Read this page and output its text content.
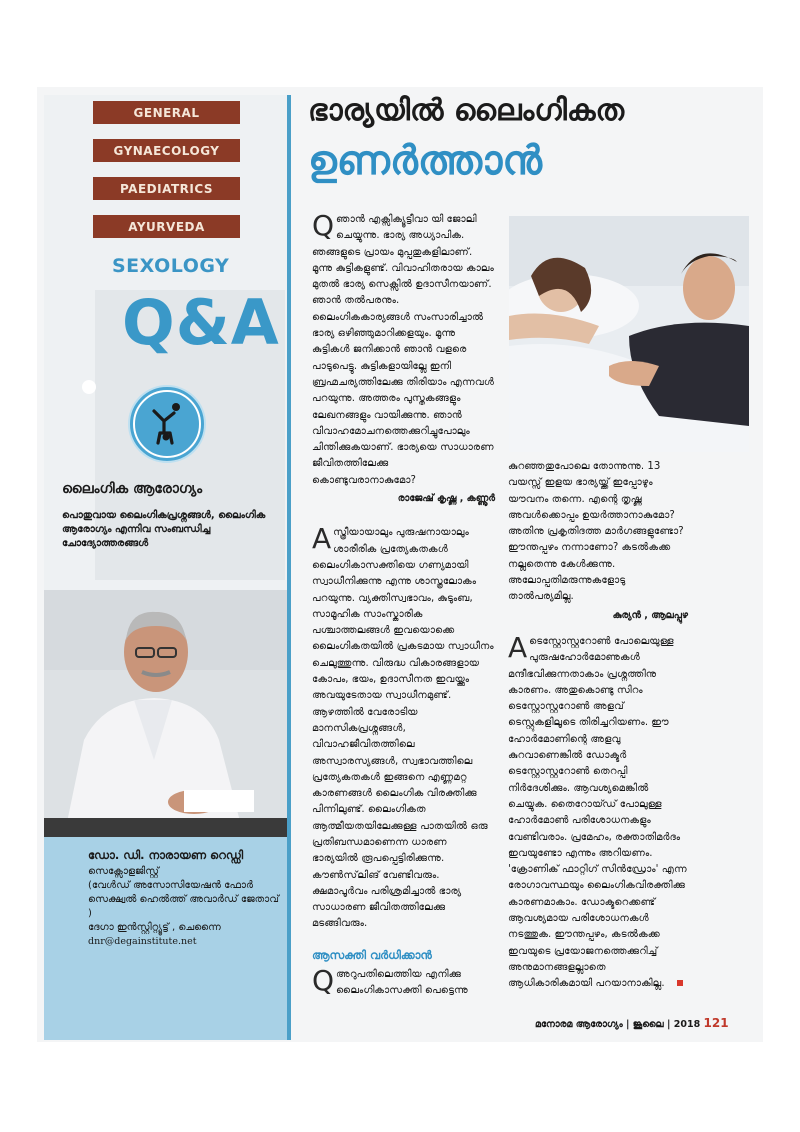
GENERAL
GYNAECOLOGY
PAEDIATRICS
AYURVEDA
SEXOLOGY
Q&A
ലൈംഗിക ആരോഗ്യം
പൊതുവായ ലൈംഗികപ്രശ്നങ്ങൾ, ലൈംഗിക ആരോഗ്യം എന്നിവ സംബന്ധിച്ച ചോദ്യോത്തരങ്ങൾ
ഡോ. ഡി. നാരായണ റെഡ്ഡി
സെക്സോളജിസ്റ്റ്
(വേൾഡ് അസോസിയേഷൻ ഫോർ സെക്ഷ്വൽ ഹെൽത്ത് അവാർഡ് ജേതാവ് )
ദേഗാ ഇൻസ്റ്റിറ്റ്യൂട്ട് , ചെന്നൈ
dnr@degainstitute.net
ഭാര്യയിൽ ലൈംഗികത
ഉണർത്താൻ

Qഞാൻ എക്സിക്യൂട്ടീവാ യി ജോലി ചെയ്യുന്നു. ഭാര്യ അധ്യാപിക. ഞങ്ങളുടെ പ്രായം മുപ്പതുകളിലാണ്. മൂന്നു കുട്ടികളുണ്ട്. വിവാഹിതരായ കാലം മുതൽ ഭാര്യ സെക്സിൽ ഉദാസീനയാണ്. ഞാൻ തൽപരനും. ലൈംഗികകാര്യങ്ങൾ സംസാരിച്ചാൽ ഭാര്യ ഒഴിഞ്ഞുമാറിക്കളയും. മൂന്നു കുട്ടികൾ ജനിക്കാൻ ഞാൻ വളരെ പാടുപെട്ടു. കുട്ടികളായില്ലേ ഇനി ബ്രഹ്മചര്യത്തിലേക്കു തിരിയാം എന്നവൾ പറയുന്നു. അത്തരം പുസ്തകങ്ങളും ലേഖനങ്ങളും വായിക്കുന്നു. ഞാൻ വിവാഹമോചനത്തെക്കുറിച്ചുപോലും ചിന്തിക്കുകയാണ്. ഭാര്യയെ സാധാരണ ജീവിതത്തിലേക്കു കൊണ്ടുവരാനാകുമോ?

രാജേഷ് കൃഷ്ണ , കണ്ണൂർ

Aസ്ത്രീയായാലും പുരുഷനായാലും ശാരീരിക പ്രത്യേകതകൾ ലൈംഗികാസക്തിയെ ഗണ്യമായി സ്വാധീനിക്കുന്നു എന്നു ശാസ്ത്രലോകം പറയുന്നു. വ്യക്തിസ്വഭാവം, കുടുംബ, സാമൂഹിക സാംസ്കാരിക പശ്ചാത്തലങ്ങൾ ഇവയൊക്കെ ലൈംഗികതയിൽ പ്രകടമായ സ്വാധീനം ചെലുത്തുന്നു. വിരുദ്ധ വികാരങ്ങളായ കോപം, ഭയം, ഉദാസീനത ഇവയ്ക്കും അവയുടേതായ സ്വാധീനമുണ്ട്. ആഴത്തിൽ വേരോടിയ മാനസികപ്രശ്നങ്ങൾ, വിവാഹജീവിതത്തിലെ അസ്വാരസ്യങ്ങൾ, സ്വഭാവത്തിലെ പ്രത്യേകതകൾ ഇങ്ങനെ എണ്ണമറ്റ കാരണങ്ങൾ ലൈംഗിക വിരക്തിക്കു പിന്നിലുണ്ട്. ലൈംഗികത ആത്മീയതയിലേക്കുള്ള പാതയിൽ ഒരു പ്രതിബന്ധമാണെന്ന ധാരണ ഭാര്യയിൽ രൂപപ്പെട്ടിരിക്കുന്നു. കൗൺസ്‌ലിങ് വേണ്ടിവരും. ക്ഷമാപൂർവം പരിശ്രമിച്ചാൽ ഭാര്യ സാധാരണ ജീവിതത്തിലേക്കു മടങ്ങിവരും.

ആസക്തി വർധിക്കാൻ

Qഅറുപതിലെത്തിയ എനിക്കു ലൈംഗികാസക്തി പെട്ടെന്നു

കുറഞ്ഞതുപോലെ തോന്നുന്നു. 13 വയസ്സ് ഇളയ ഭാര്യയ്ക്ക് ഇപ്പോഴും യൗവനം തന്നെ. എന്റെ തൃഷ്ണ അവൾക്കൊപ്പം ഉയർത്താനാകുമോ? അതിനു പ്രകൃതിദത്ത മാർഗങ്ങളുണ്ടോ? ഈന്തപ്പഴം നന്നാണോ? കടൽകക്ക നല്ലതെന്നു കേൾക്കുന്നു. അലോപ്പതിമരുന്നുകളോടു താൽപര്യമില്ല.

കുര്യൻ , ആലപ്പുഴ

Aടെസ്റ്റോസ്റ്ററോൺ പോലെയുള്ള പുരുഷഹോർമോണുകൾ മന്ദീഭവിക്കുന്നതാകാം പ്രശ്നത്തിനു കാരണം. അതുകൊണ്ടു സിറം ടെസ്റ്റോസ്റ്ററോൺ അളവ് ടെസ്റ്റുകളിലൂടെ തിരിച്ചറിയണം. ഈ ഹോർമോണിന്റെ അളവു കുറവാണെങ്കിൽ ഡോക്ടർ ടെസ്റ്റോസ്റ്ററോൺ തെറപ്പി നിർദേശിക്കും. ആവശ്യമെങ്കിൽ ചെയ്യുക. തൈറോയ്ഡ് പോലുള്ള ഹോർമോൺ പരിശോധനകളും വേണ്ടിവരാം. പ്രമേഹം, രക്താതിമർദം ഇവയുണ്ടോ എന്നും അറിയണം. 'ക്രോണിക് ഫാറ്റിഗ് സിൻഡ്രോം' എന്ന രോഗാവസ്ഥയും ലൈംഗികവിരക്തിക്കു കാരണമാകാം. ഡോക്ടറെക്കണ്ട് ആവശ്യമായ പരിശോധനകൾ നടത്തുക. ഈന്തപ്പഴം, കടൽകക്ക ഇവയുടെ പ്രയോജനത്തെക്കുറിച്ച് അനുമാനങ്ങളല്ലാതെ ആധികാരികമായി പറയാനാകില്ല.

മനോരമ ആരോഗ്യം | ജൂലൈ | 2018 121
